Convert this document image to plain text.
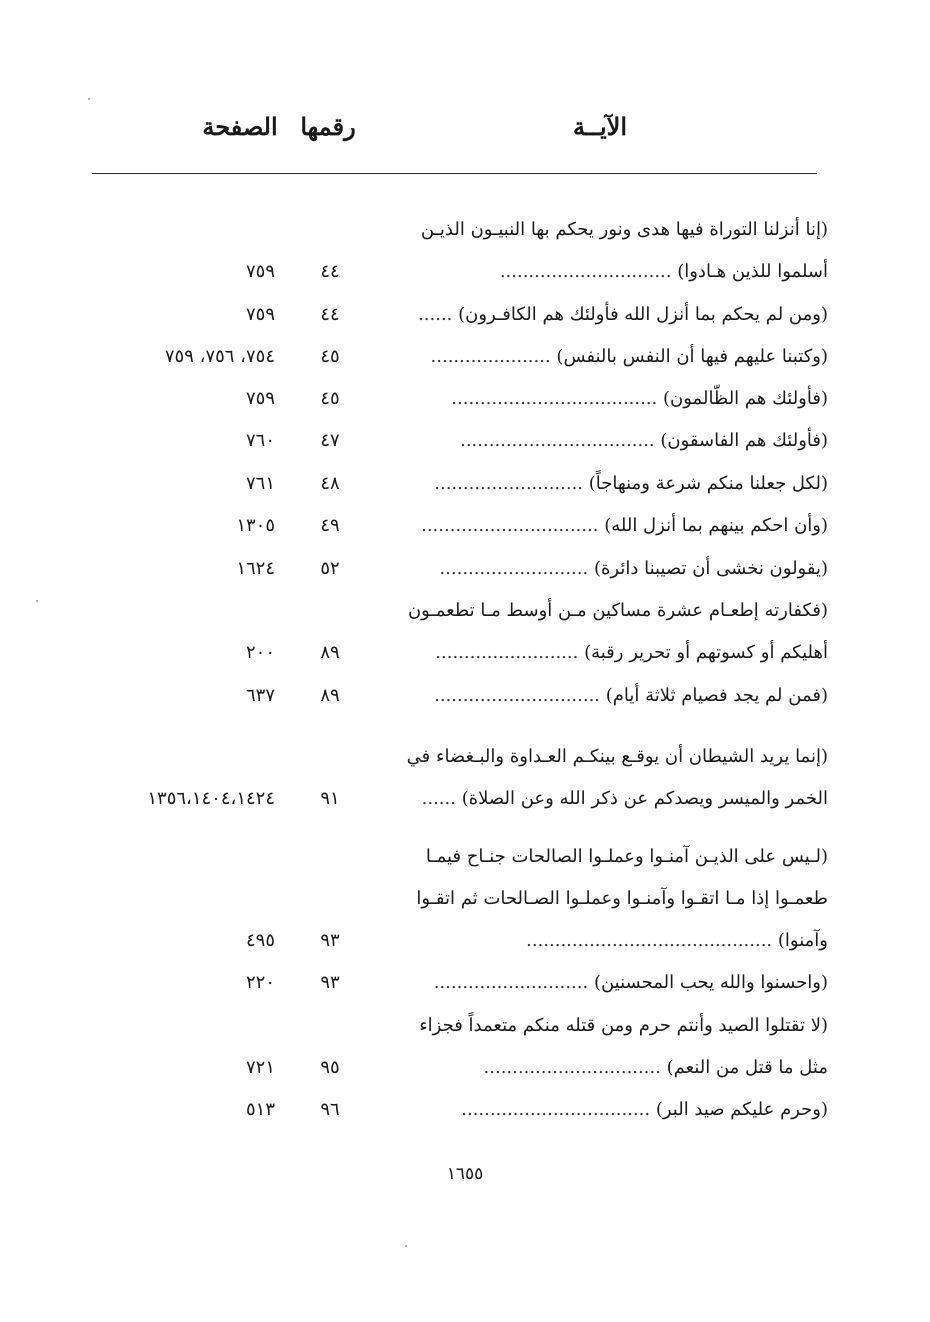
الآيــة
رقمها
الصفحة
(إنا أنزلنا التوراة فيها هدى ونور يحكم بها النبيـون الذيـن
أسلموا للذين هـادوا) ..............................
٤٤
٧٥٩
(ومن لم يحكم بما أنزل الله فأولئك هم الكافـرون) ......
٤٤
٧٥٩
(وكتبنا عليهم فيها أن النفس بالنفس) .....................
٤٥
٧٥٤، ٧٥٦، ٧٥٩
(فأولئك هم الظّالمون) ....................................
٤٥
٧٥٩
(فأولئك هم الفاسقون) ..................................
٤٧
٧٦٠
(لكل جعلنا منكم شرعة ومنهاجاً) ..........................
٤٨
٧٦١
(وأن احكم بينهم بما أنزل الله) ...............................
٤٩
١٣٠٥
(يقولون نخشى أن تصيبنا دائرة) ..........................
٥٢
١٦٢٤
(فكفارته إطعـام عشرة مساكين مـن أوسط مـا تطعمـون
أهليكم أو كسوتهم أو تحرير رقبة) .........................
٨٩
٢٠٠
(فمن لم يجد فصيام ثلاثة أيام) .............................
٨٩
٦٣٧
(إنما يريد الشيطان أن يوقـع بينكـم العـداوة والبـغضاء في
الخمر والميسر ويصدكم عن ذكر الله وعن الصلاة) ......
٩١
١٣٥٦،١٤٠٤،١٤٢٤
(لـيس على الذيـن آمنـوا وعملـوا الصالحات جنـاح فيمـا
طعمـوا إذا مـا اتقـوا وآمنـوا وعملـوا الصـالحات ثم اتقـوا
وآمنوا) ...........................................
٩٣
٤٩٥
(واحسنوا والله يحب المحسنين) ...........................
٩٣
٢٢٠
(لا تقتلوا الصيد وأنتم حرم ومن قتله منكم متعمداً فجزاء
مثل ما قتل من النعم) ...............................
٩٥
٧٢١
(وحرم عليكم صيد البر) .................................
٩٦
٥١٣
١٦٥٥
